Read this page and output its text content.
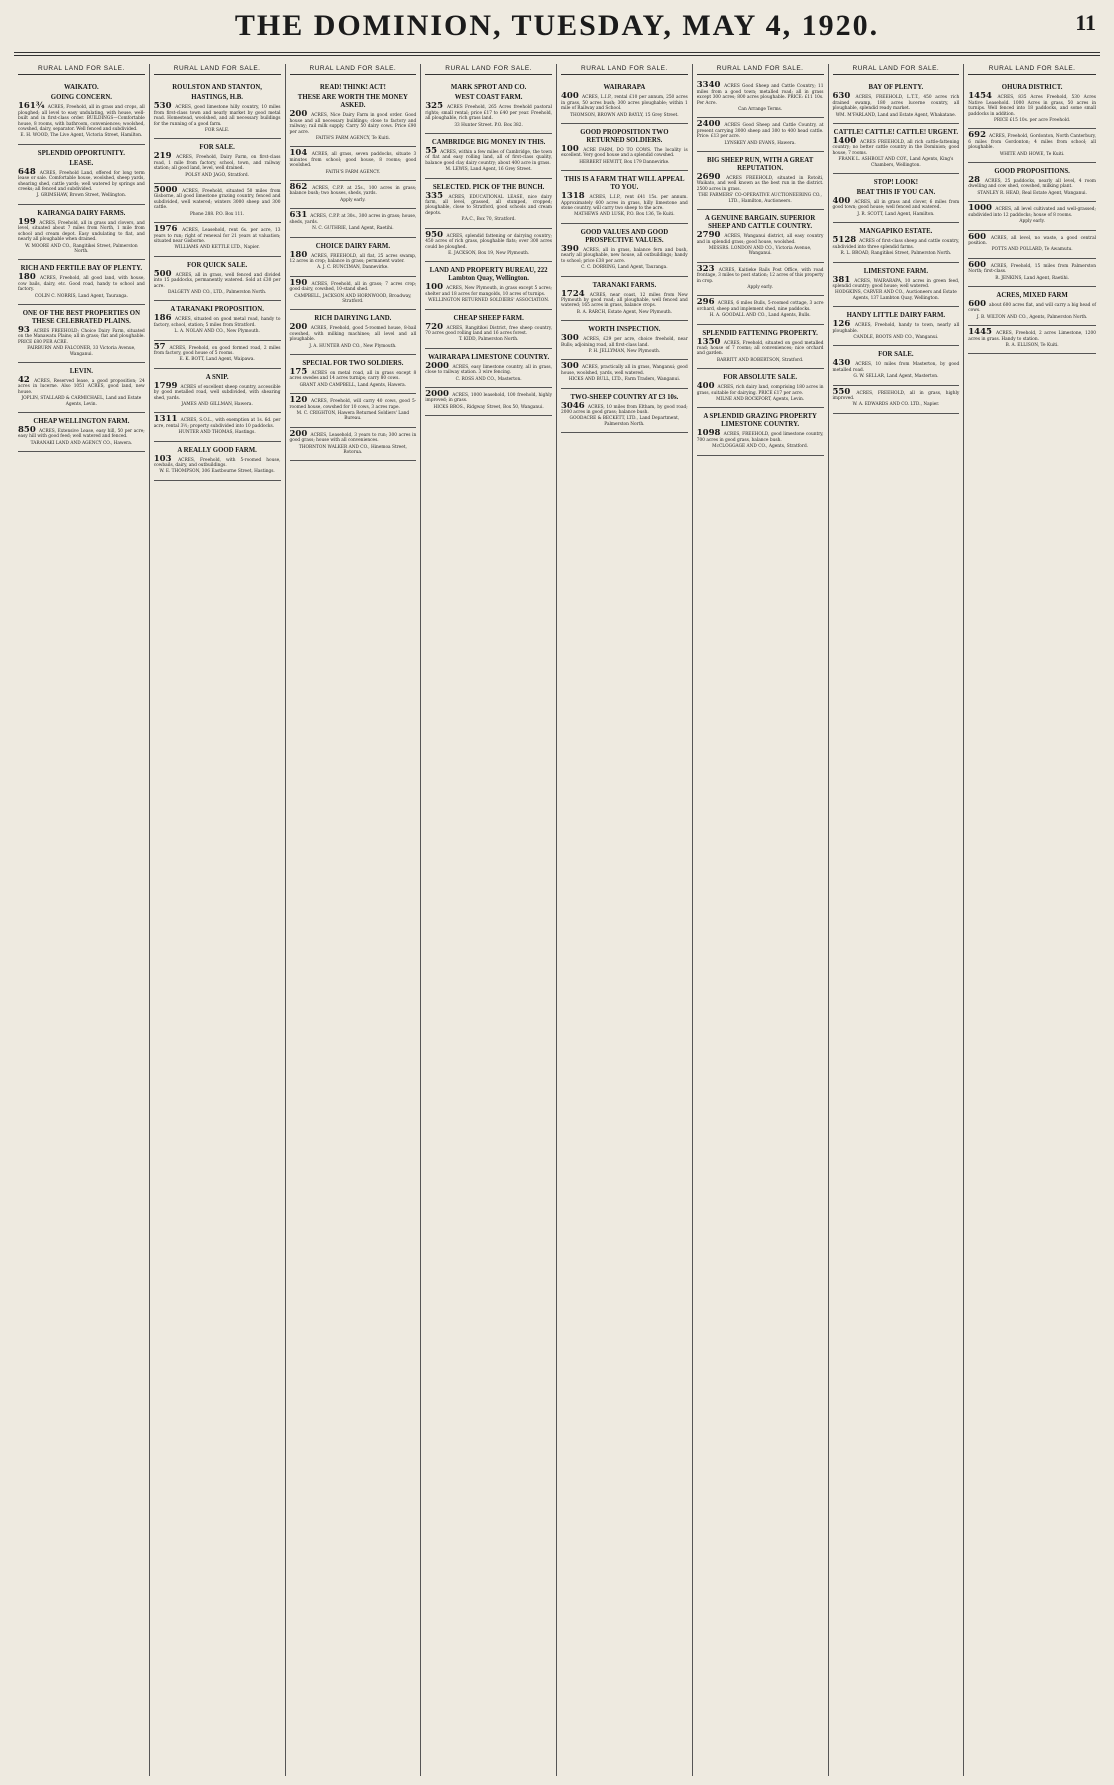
THE DOMINION, TUESDAY, MAY 4, 1920.	11
RURAL LAND FOR SALE.
WAIKATO.
GOING CONCERN.

161¾ ACRES, Freehold, all in grass and crops, all ploughed; all level to easy undulating, with house, well-built and in first-class order. BUILDINGS—Comfortable house, 8 rooms, with bathroom, conveniences; woolshed, cowshed, dairy, separator. Well fenced and subdivided.

E. H. WOOD, The Live Agent, Victoria Street, Hamilton.

SPLENDID OPPORTUNITY.
LEASE.

648 ACRES, Freehold Land, offered for long term lease or sale. Comfortable house, woolshed, sheep yards, shearing shed, cattle yards; well watered by springs and creeks; all fenced and subdivided.

J. GRIMSHAW, Brown Street, Wellington.

KAIRANGA DAIRY FARMS.

199 ACRES, Freehold, all in grass and clovers, and level, situated about 7 miles from North, 1 mile from school and cream depot. Easy undulating to flat, and nearly all ploughable when drained.

W. MOORE AND CO., Rangitikei Street, Palmerston North.

RICH AND FERTILE BAY OF PLENTY.

180 ACRES, Freehold, all good land, with house, cow bails, dairy, etc. Good road, handy to school and factory.

COLIN C. NORRIS, Land Agent, Tauranga.

ONE OF THE BEST PROPERTIES ON THESE CELEBRATED PLAINS.

93 ACRES FREEHOLD; Choice Dairy Farm, situated on the Manawatu Plains; all in grass; flat and ploughable. PRICE £80 PER ACRE.

FAIRBURN AND FALCONER, 33 Victoria Avenue, Wanganui.

LEVIN.

42 ACRES, Reserved lease, a good proposition; 24 acres in lucerne. Also 1051 ACRES, good land, new house.

JOPLIN, STALLARD & CARMICHAEL, Land and Estate Agents, Levin.

CHEAP WELLINGTON FARM.

850 ACRES, Extensive Lease, easy hill, 50 per acre; easy hill with good feed; well watered and fenced.

TARANAKI LAND AND AGENCY CO., Hawera.

RURAL LAND FOR SALE.
ROULSTON AND STANTON,
HASTINGS, H.B.

530 ACRES, good limestone hilly country, 10 miles from first-class town and nearly market by good metal road. Homestead, woolshed, and all necessary buildings for the running of a good farm.

FOR SALE.

FOR SALE.

219 ACRES, Freehold, Dairy Farm, on first-class road, 1 mile from factory, school, town, and railway station; all good land, level, well drained.

POLSY AND JAGO, Stratford.

5000 ACRES, Freehold, situated 50 miles from Gisborne, all good limestone grazing country, fenced and subdivided, well watered; winters 3000 sheep and 300 cattle.

Phone 288. P.O. Box 111.

1976 ACRES, Leasehold, rent 6s. per acre, 13 years to run; right of renewal for 21 years at valuation; situated near Gisborne.

WILLIAMS AND KETTLE LTD., Napier.

FOR QUICK SALE.

500 ACRES, all in grass, well fenced and divided into 15 paddocks, permanently watered. Sold at £30 per acre.

DALGETY AND CO., LTD., Palmerston North.

A TARANAKI PROPOSITION.

186 ACRES, situated on good metal road, handy to factory, school, station; 5 miles from Stratford.

L. A. NOLAN AND CO., New Plymouth.

57 ACRES, Freehold, on good formed road, 2 miles from factory, good house of 5 rooms.

E. K. BOTT, Land Agent, Waipawa.

A SNIP.

1799 ACRES of excellent sheep country, accessible by good metalled road, well subdivided, with shearing shed, yards.

JAMES AND GILLMAN, Hawera.

1311 ACRES, S.O.L., with exemption at 1s. 6d. per acre, rental 3½; property subdivided into 10 paddocks.

HUNTER AND THOMAS, Hastings.

A REALLY GOOD FARM.

103 ACRES, Freehold, with 5-roomed house, cowbails, dairy, and outbuildings.

W. E. THOMPSON, 306 Eastbourne Street, Hastings.

RURAL LAND FOR SALE.
READ! THINK! ACT!
THESE ARE WORTH THE MONEY ASKED.

200 ACRES, Nice Dairy Farm in good order. Good house and all necessary buildings; close to factory and railway; rail milk supply. Carry 50 dairy cows. Price £90 per acre.

FAITH'S FARM AGENCY, Te Kuiti.

104 ACRES, all grass, seven paddocks, situate 3 minutes from school; good house, 8 rooms; good woolshed.

FAITH'S FARM AGENCY.

862 ACRES, C.P.P. at 25s., 100 acres in grass; balance bush; two houses, sheds, yards.

Apply early.

631 ACRES, C.P.P. at 30s., 300 acres in grass; house, sheds, yards.

N. C. GUTHRIE, Land Agent, Raetihi.

CHOICE DAIRY FARM.

180 ACRES, FREEHOLD, all flat, 25 acres swamp, 12 acres in crop; balance in grass; permanent water.

A. J. C. RUNCIMAN, Dannevirke.

190 ACRES, Freehold, all in grass; 7 acres crop; good dairy, cowshed, 10-stand shed.

CAMPBELL, JACKSON AND HORNWOOD, Broadway, Stratford.

RICH DAIRYING LAND.

200 ACRES, Freehold, good 5-roomed house, 8-bail cowshed, with milking machines; all level and all ploughable.

J. A. HUNTER AND CO., New Plymouth.

SPECIAL FOR TWO SOLDIERS.

175 ACRES on metal road, all in grass except 8 acres swedes and 14 acres turnips; carry 80 cows.

GRANT AND CAMPBELL, Land Agents, Hawera.

120 ACRES, Freehold, will carry 40 cows, good 5-roomed house, cowshed for 10 cows, 3 acres rape.

M. C. CRIGHTON, Hawera Returned Soldiers' Land Bureau.

200 ACRES, Leasehold, 3 years to run; 300 acres in good grass; house with all conveniences.

THORNTON WALKER AND CO., Hinemoa Street, Rotorua.

RURAL LAND FOR SALE.
MARK SPROT AND CO.
WEST COAST FARM.

325 ACRES Freehold, 265 Acres freehold pastoral rights; small rental; price £17 to £40 per year. Freehold, all ploughable, rich grass land.

33 Hunter Street. P.O. Box 382.

CAMBRIDGE BIG MONEY IN THIS.

55 ACRES, within a few miles of Cambridge, the town of flat and easy rolling land, all of first-class quality, balance good clay dairy country; about 400 acre in grass.

M. LEWIS, Land Agent, 16 Grey Street.

SELECTED. PICK OF THE BUNCH.

335 ACRES, EDUCATIONAL LEASE, nice dairy farm, all level, grassed, all stumped, cropped; ploughable, close to Stratford, good schools and cream depots.

P.A.C., Box 70, Stratford.

950 ACRES, splendid fattening or dairying country; 450 acres of rich grass, ploughable flats; over 300 acres could be ploughed.

E. JACKSON, Box 19, New Plymouth.

LAND AND PROPERTY BUREAU, 222 Lambton Quay, Wellington.

100 ACRES, New Plymouth, in grass except 5 acres; shelter and 18 acres for mangolds, 10 acres of turnips.

WELLINGTON RETURNED SOLDIERS' ASSOCIATION.

CHEAP SHEEP FARM.

720 ACRES, Rangitikei District, free sheep country, 70 acres good rolling land and 16 acres forest.

T. KIDD, Palmerston North.

WAIRARAPA LIMESTONE COUNTRY.

2000 ACRES, easy limestone country, all in grass, close to railway station. 3 wire fencing.

C. ROSS AND CO., Masterton.

2000 ACRES, 1000 leasehold, 100 freehold, highly improved; in grass.

HICKS BROS., Ridgway Street, Box 50, Wanganui.

RURAL LAND FOR SALE.
WAIRARAPA

400 ACRES, L.I.P., rental £10 per annum, 250 acres in grass, 50 acres bush; 300 acres ploughable; within 1 mile of Railway and School.

THOMSON, BROWN AND BAYLY, 15 Grey Street.

GOOD PROPOSITION TWO RETURNED SOLDIERS.

100 ACRE FARM, DO TO COWS. The locality is excellent. Very good house and a splendid cowshed.

HERBERT HEWITT, Box 179 Dannevirke.

THIS IS A FARM THAT WILL APPEAL TO YOU.

1318 ACRES, L.I.P., rent £41 15s. per annum. Approximately 600 acres in grass, hilly limestone and stone country, will carry two sheep to the acre.

MATHEWS AND LUSK, P.O. Box 136, Te Kuiti.

GOOD VALUES AND GOOD PROSPECTIVE VALUES.

390 ACRES, all in grass, balance fern and bush, nearly all ploughable, new house, all outbuildings; handy to school; price £38 per acre.

C. C. DORRING, Land Agent, Tauranga.

TARANAKI FARMS.

1724 ACRES, near coast, 12 miles from New Plymouth by good road; all ploughable, well fenced and watered; 165 acres in grass, balance crops.

B. A. RARCH, Estate Agent, New Plymouth.

WORTH INSPECTION.

300 ACRES, £29 per acre, choice freehold, near Bulls; adjoining road, all first-class land.

P. H. JELLYMAN, New Plymouth.

300 ACRES, practically all in grass, Wanganui; good house, woolshed, yards, well watered.

HICKS AND BULL, LTD., Farm Traders, Wanganui.

TWO-SHEEP COUNTRY AT £3 10s.

3046 ACRES, 10 miles from Eltham, by good road; 2000 acres in good grass; balance bush.

GOODACRE & BECKETT, LTD., Land Department, Palmerston North.

RURAL LAND FOR SALE.

3340 ACRES Good Sheep and Cattle Country; 11 miles from a good town; metalled road; all in grass except 300 acres; 800 acres ploughable. PRICE: £11 10s. Per Acre.

Can Arrange Terms.

2400 ACRES Good Sheep and Cattle Country, at present carrying 3000 sheep and 300 to 400 head cattle. Price: £13 per acre.

LYNSKEY AND EVANS, Hawera.

BIG SHEEP RUN, WITH A GREAT REPUTATION.

2690 ACRES FREEHOLD, situated in Rotoiti, Waikato, and well known as the best run in the district. 2500 acres in grass.

THE FARMERS' CO-OPERATIVE AUCTIONEERING CO., LTD., Hamilton, Auctioneers.

A GENUINE BARGAIN. SUPERIOR SHEEP AND CATTLE COUNTRY.

2790 ACRES, Wanganui district, all easy country and in splendid grass; good house, woolshed.

MESSRS. LONDON AND CO., Victoria Avenue, Wanganui.

323 ACRES, Kaitieke Rails Post Office, with road frontage, 3 miles to post station; 12 acres of this property in crop.

Apply early.

296 ACRES, 6 miles Bulls, 5-roomed cottage, 3 acre orchard, sheep and implement shed, nine paddocks.

H. A. GOODALL AND CO., Land Agents, Bulls.

SPLENDID FATTENING PROPERTY.

1350 ACRES, Freehold, situated on good metalled road; house of 7 rooms; all conveniences; nice orchard and garden.

BARRITT AND ROBERTSON, Stratford.

FOR ABSOLUTE SALE.

400 ACRES, rich dairy land, comprising 180 acres in grass, suitable for dairying. PRICE £17 per acre.

MILNE AND ROCKFORT, Agents, Levin.

A SPLENDID GRAZING PROPERTY LIMESTONE COUNTRY.

1098 ACRES, FREEHOLD, good limestone country, 700 acres in good grass, balance bush.

McCLOGGAGE AND CO., Agents, Stratford.

RURAL LAND FOR SALE.
BAY OF PLENTY.

630 ACRES, FREEHOLD, L.T.T., 450 acres rich drained swamp, 180 acres lucerne country, all ploughable, splendid ready market.

WM. M'FARLAND, Land and Estate Agent, Whakatane.

CATTLE! CATTLE! CATTLE! URGENT.

1400 ACRES FREEHOLD, all rich cattle-fattening country; no better cattle country in the Dominion; good house, 7 rooms.

FRANK L. ASHBOLT AND COY., Land Agents, King's Chambers, Wellington.

STOP! LOOK!
BEAT THIS IF YOU CAN.

400 ACRES, all in grass and clover, 6 miles from good town; good house; well fenced and watered.

J. R. SCOTT, Land Agent, Hamilton.

MANGAPIKO ESTATE.

5128 ACRES of first-class sheep and cattle country, subdivided into three splendid farms.

R. L. BROAD, Rangitikei Street, Palmerston North.

LIMESTONE FARM.

381 ACRES, WAIRARAPA, 10 acres in green feed, splendid country; good house; well watered.

HODGKINS, CARVER AND CO., Auctioneers and Estate Agents, 137 Lambton Quay, Wellington.

HANDY LITTLE DAIRY FARM.

126 ACRES, Freehold, handy to town, nearly all ploughable.

CANDLE, BOOTS AND CO., Wanganui.

FOR SALE.

430 ACRES, 10 miles from Masterton, by good metalled road.

G. W. SELLAR, Land Agent, Masterton.

550 ACRES, FREEHOLD, all in grass, highly improved.

W. A. EDWARDS AND CO. LTD., Napier.

RURAL LAND FOR SALE.
OHURA DISTRICT.

1454 ACRES, 835 Acres Freehold, 530 Acres Native Leasehold. 1000 Acres in grass, 50 acres in turnips. Well fenced into 18 paddocks, and some small paddocks in addition.

PRICE £15 10s. per acre Freehold.

692 ACRES, Freehold, Gordonton, North Canterbury, 6 miles from Gordonton; 4 miles from school; all ploughable.

WHITE AND HOWE, Te Kuiti.

GOOD PROPOSITIONS.

28 ACRES, 25 paddocks, nearly all level, 4 room dwelling and cow shed, cowshed, milking plant.

STANLEY R. HEAD, Real Estate Agent, Wanganui.

1000 ACRES, all level cultivated and well-grassed; subdivided into 12 paddocks; house of 8 rooms.

Apply early.

600 ACRES, all level, no waste, a good central position.

POTTS AND POLLARD, Te Awamutu.

600 ACRES, Freehold, 15 miles from Palmerston North; first-class.

R. JENKINS, Land Agent, Raetihi.

ACRES, MIXED FARM

600 about 600 acres flat, and will carry a big head of cows.

J. B. WILTON AND CO., Agents, Palmerston North.

1445 ACRES, Freehold, 2 acres Limestone, 1200 acres in grass. Handy to station.

B. A. ELLISON, Te Kuiti.
